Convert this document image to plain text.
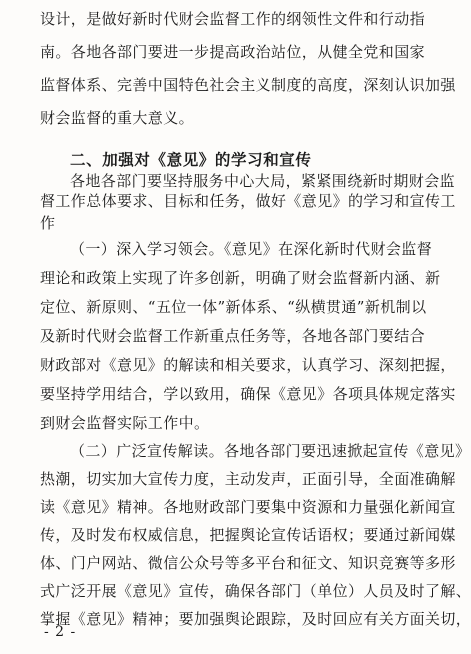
设计，是做好新时代财会监督工作的纲领性文件和行动指
南。各地各部门要进一步提高政治站位，从健全党和国家
监督体系、完善中国特色社会主义制度的高度，深刻认识加强
财会监督的重大意义。
二、加强对《意见》的学习和宣传
各地各部门要坚持服务中心大局，紧紧围绕新时期财会监
督工作总体要求、目标和任务，做好《意见》的学习和宣传工
作
（一）深入学习领会。《意见》在深化新时代财会监督
理论和政策上实现了许多创新，明确了财会监督新内涵、新
定位、新原则、“五位一体”新体系、“纵横贯通”新机制以
及新时代财会监督工作新重点任务等，各地各部门要结合
财政部对《意见》的解读和相关要求，认真学习、深刻把握，
要坚持学用结合，学以致用，确保《意见》各项具体规定落实
到财会监督实际工作中。
（二）广泛宣传解读。各地各部门要迅速掀起宣传《意见》
热潮，切实加大宣传力度，主动发声，正面引导，全面准确解
读《意见》精神。各地财政部门要集中资源和力量强化新闻宣
传，及时发布权威信息，把握舆论宣传话语权；要通过新闻媒
体、门户网站、微信公众号等多平台和征文、知识竞赛等多形
式广泛开展《意见》宣传，确保各部门（单位）人员及时了解、
掌握《意见》精神；要加强舆论跟踪，及时回应有关方面关切，
- 2 -
